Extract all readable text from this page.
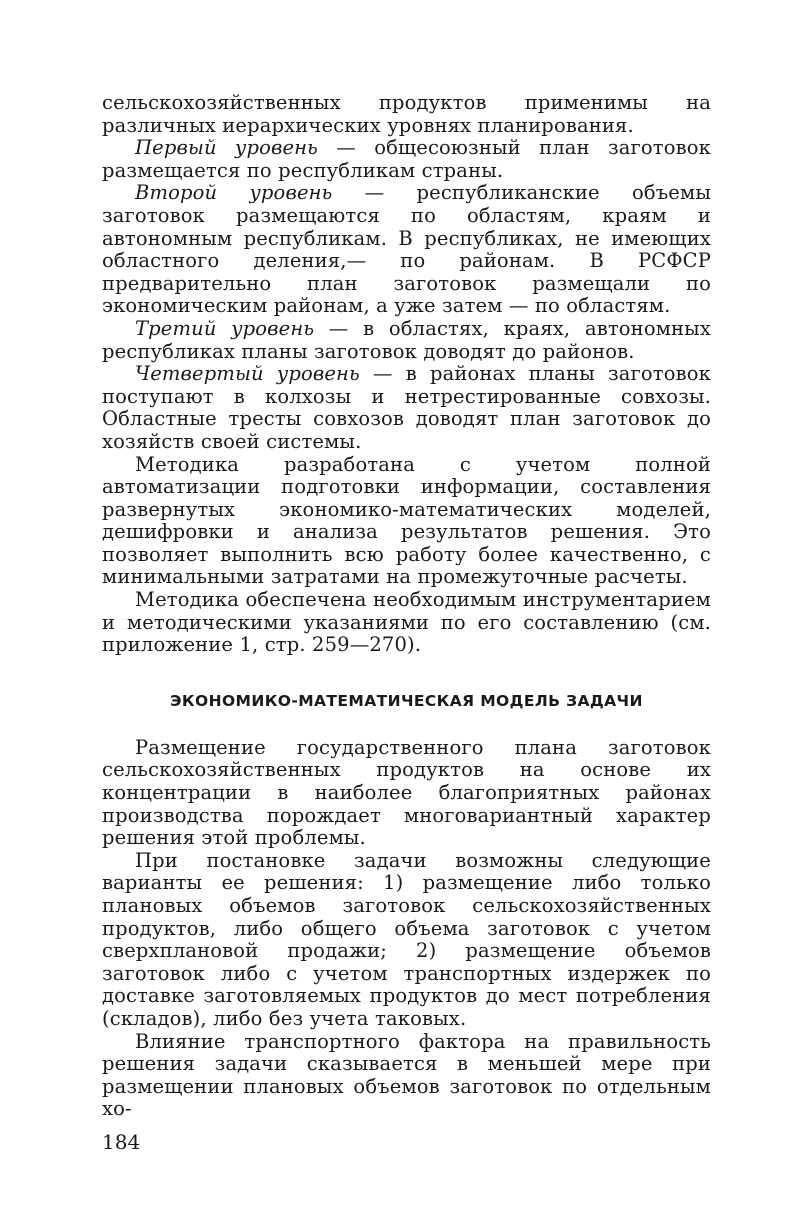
сельскохозяйственных продуктов применимы на различных иерархических уровнях планирования.

Первый уровень — общесоюзный план заготовок размещается по республикам страны.

Второй уровень — республиканские объемы заготовок размещаются по областям, краям и автономным республикам. В республиках, не имеющих областного деления,— по районам. В РСФСР предварительно план заготовок размещали по экономическим районам, а уже затем — по областям.

Третий уровень — в областях, краях, автономных республиках планы заготовок доводят до районов.

Четвертый уровень — в районах планы заготовок поступают в колхозы и нетрестированные совхозы. Областные тресты совхозов доводят план заготовок до хозяйств своей системы.

Методика разработана с учетом полной автоматизации подготовки информации, составления развернутых экономико-математических моделей, дешифровки и анализа результатов решения. Это позволяет выполнить всю работу более качественно, с минимальными затратами на промежуточные расчеты.

Методика обеспечена необходимым инструментарием и методическими указаниями по его составлению (см. приложение 1, стр. 259—270).

ЭКОНОМИКО-МАТЕМАТИЧЕСКАЯ МОДЕЛЬ ЗАДАЧИ

Размещение государственного плана заготовок сельскохозяйственных продуктов на основе их концентрации в наиболее благоприятных районах производства порождает многовариантный характер решения этой проблемы.

При постановке задачи возможны следующие варианты ее решения: 1) размещение либо только плановых объемов заготовок сельскохозяйственных продуктов, либо общего объема заготовок с учетом сверхплановой продажи; 2) размещение объемов заготовок либо с учетом транспортных издержек по доставке заготовляемых продуктов до мест потребления (складов), либо без учета таковых.

Влияние транспортного фактора на правильность решения задачи сказывается в меньшей мере при размещении плановых объемов заготовок по отдельным хо-

184
